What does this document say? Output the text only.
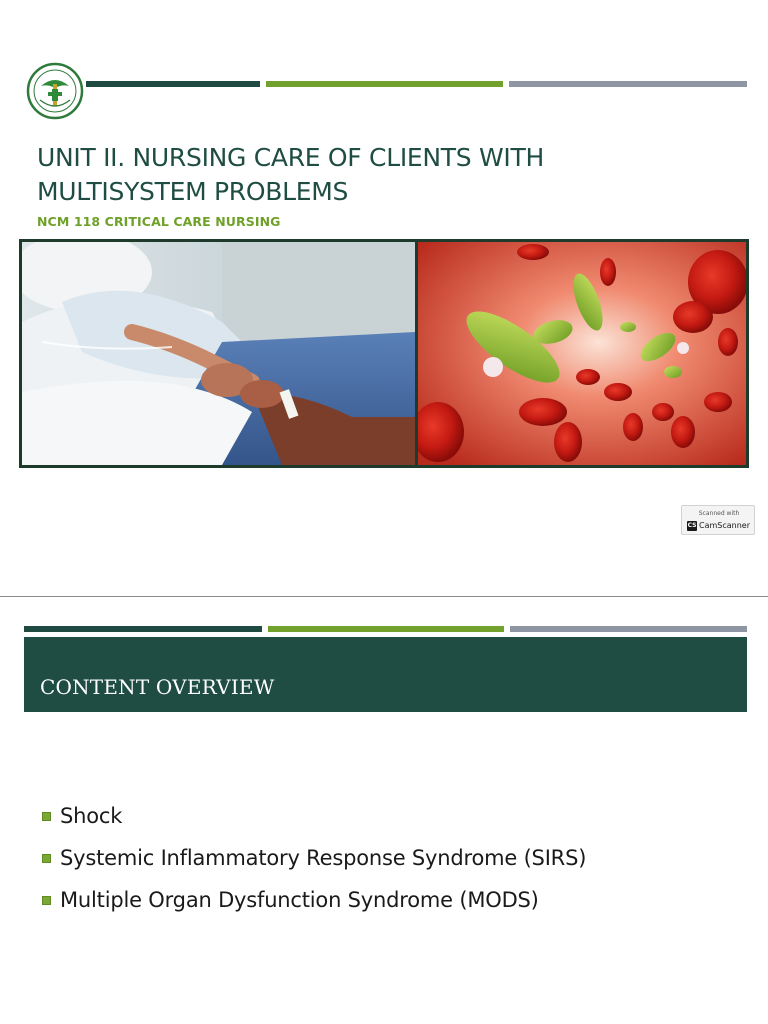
UNIT II. NURSING CARE OF CLIENTS WITH
MULTISYSTEM PROBLEMS
NCM 118 CRITICAL CARE NURSING
Scanned with
CS CamScanner
CONTENT OVERVIEW
Shock
Systemic Inflammatory Response Syndrome (SIRS)
Multiple Organ Dysfunction Syndrome (MODS)
